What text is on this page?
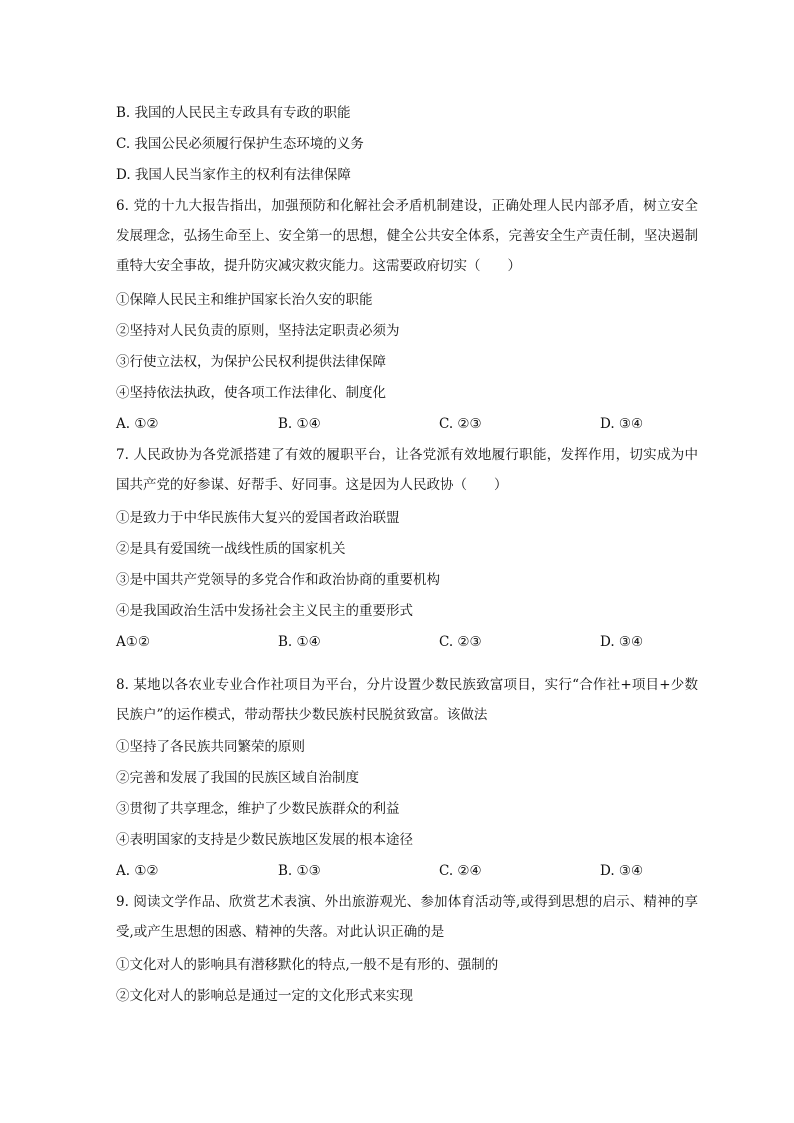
B. 我国的人民民主专政具有专政的职能
C. 我国公民必须履行保护生态环境的义务
D. 我国人民当家作主的权利有法律保障
6. 党的十九大报告指出，加强预防和化解社会矛盾机制建设，正确处理人民内部矛盾，树立安全发展理念，弘扬生命至上、安全第一的思想，健全公共安全体系，完善安全生产责任制，坚决遏制重特大安全事故，提升防灾减灾救灾能力。这需要政府切实（　　）
①保障人民民主和维护国家长治久安的职能
②坚持对人民负责的原则，坚持法定职责必须为
③行使立法权，为保护公民权利提供法律保障
④坚持依法执政，使各项工作法律化、制度化
A. ①②	B. ①④	C. ②③	D. ③④
7. 人民政协为各党派搭建了有效的履职平台，让各党派有效地履行职能，发挥作用，切实成为中国共产党的好参谋、好帮手、好同事。这是因为人民政协（　　）
①是致力于中华民族伟大复兴的爱国者政治联盟
②是具有爱国统一战线性质的国家机关
③是中国共产党领导的多党合作和政治协商的重要机构
④是我国政治生活中发扬社会主义民主的重要形式
A①②	B. ①④	C. ②③	D. ③④
8. 某地以各农业专业合作社项目为平台，分片设置少数民族致富项目，实行“合作社+项目+少数民族户”的运作模式，带动帮扶少数民族村民脱贫致富。该做法
①坚持了各民族共同繁荣的原则
②完善和发展了我国的民族区域自治制度
③贯彻了共享理念，维护了少数民族群众的利益
④表明国家的支持是少数民族地区发展的根本途径
A. ①②	B. ①③	C. ②④	D. ③④
9. 阅读文学作品、欣赏艺术表演、外出旅游观光、参加体育活动等,或得到思想的启示、精神的享受,或产生思想的困惑、精神的失落。对此认识正确的是
①文化对人的影响具有潜移默化的特点,一般不是有形的、强制的
②文化对人的影响总是通过一定的文化形式来实现
